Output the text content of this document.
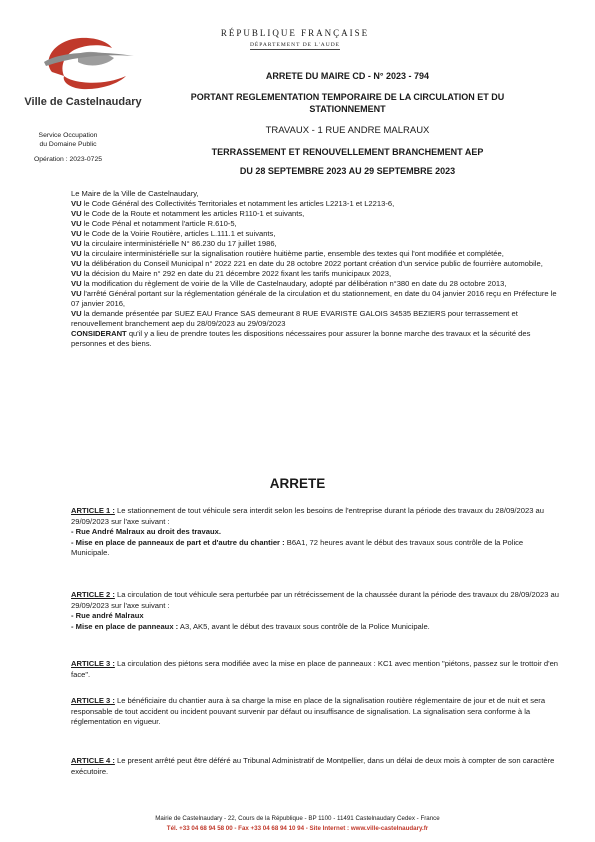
RÉPUBLIQUE FRANÇAISE
DÉPARTEMENT DE L'AUDE
Ville de Castelnaudary
Service Occupation
du Domaine Public
Opération : 2023-0725
ARRETE DU MAIRE CD - N° 2023 - 794
PORTANT REGLEMENTATION TEMPORAIRE DE LA CIRCULATION ET DU
STATIONNEMENT
TRAVAUX - 1 RUE ANDRE MALRAUX
TERRASSEMENT ET RENOUVELLEMENT BRANCHEMENT AEP
DU 28 SEPTEMBRE 2023 AU 29 SEPTEMBRE 2023

Le Maire de la Ville de Castelnaudary,

VU le Code Général des Collectivités Territoriales et notamment les articles L2213-1 et L2213-6,

VU le Code de la Route et notamment les articles R110-1 et suivants,

VU le Code Pénal et notamment l'article R.610-5,

VU le Code de la Voirie Routière, articles L.111.1 et suivants,

VU la circulaire interministérielle N° 86.230 du 17 juillet 1986,

VU la circulaire interministérielle sur la signalisation routière huitième partie, ensemble des textes qui l'ont modifiée et complétée,

VU la délibération du Conseil Municipal n° 2022 221 en date du 28 octobre 2022 portant création d'un service public de fourrière automobile,

VU la décision du Maire n° 292 en date du 21 décembre 2022 fixant les tarifs municipaux 2023,

VU la modification du règlement de voirie de la Ville de Castelnaudary, adopté par délibération n°380 en date du 28 octobre 2013,

VU l'arrêté Général portant sur la réglementation générale de la circulation et du stationnement, en date du 04 janvier 2016 reçu en Préfecture le 07 janvier 2016,

VU la demande présentée par SUEZ EAU France SAS demeurant 8 RUE EVARISTE GALOIS 34535 BEZIERS pour terrassement et renouvellement branchement aep du 28/09/2023 au 29/09/2023

CONSIDERANT qu'il y a lieu de prendre toutes les dispositions nécessaires pour assurer la bonne marche des travaux et la sécurité des personnes et des biens.

ARRETE

ARTICLE 1 : Le stationnement de tout véhicule sera interdit selon les besoins de l'entreprise durant la période des travaux du 28/09/2023 au 29/09/2023 sur l'axe suivant :

- Rue André Malraux au droit des travaux.

- Mise en place de panneaux de part et d'autre du chantier : B6A1, 72 heures avant le début des travaux sous contrôle de la Police Municipale.

ARTICLE 2 : La circulation de tout véhicule sera perturbée par un rétrécissement de la chaussée durant la période des travaux du 28/09/2023 au 29/09/2023 sur l'axe suivant :

- Rue andré Malraux

- Mise en place de panneaux : A3, AK5, avant le début des travaux sous contrôle de la Police Municipale.

ARTICLE 3 : La circulation des piétons sera modifiée avec la mise en place de panneaux : KC1 avec mention "piétons, passez sur le trottoir d'en face".

ARTICLE 3 : Le bénéficiaire du chantier aura à sa charge la mise en place de la signalisation routière réglementaire de jour et de nuit et sera responsable de tout accident ou incident pouvant survenir par défaut ou insuffisance de signalisation. La signalisation sera conforme à la réglementation en vigueur.

ARTICLE 4 : Le present arrêté peut être déféré au Tribunal Administratif de Montpellier, dans un délai de deux mois à compter de son caractère exécutoire.

Mairie de Castelnaudary - 22, Cours de la République - BP 1100 - 11491 Castelnaudary Cedex - France
Tél. +33 04 68 94 58 00 - Fax +33 04 68 94 10 94 - Site Internet : www.ville-castelnaudary.fr
